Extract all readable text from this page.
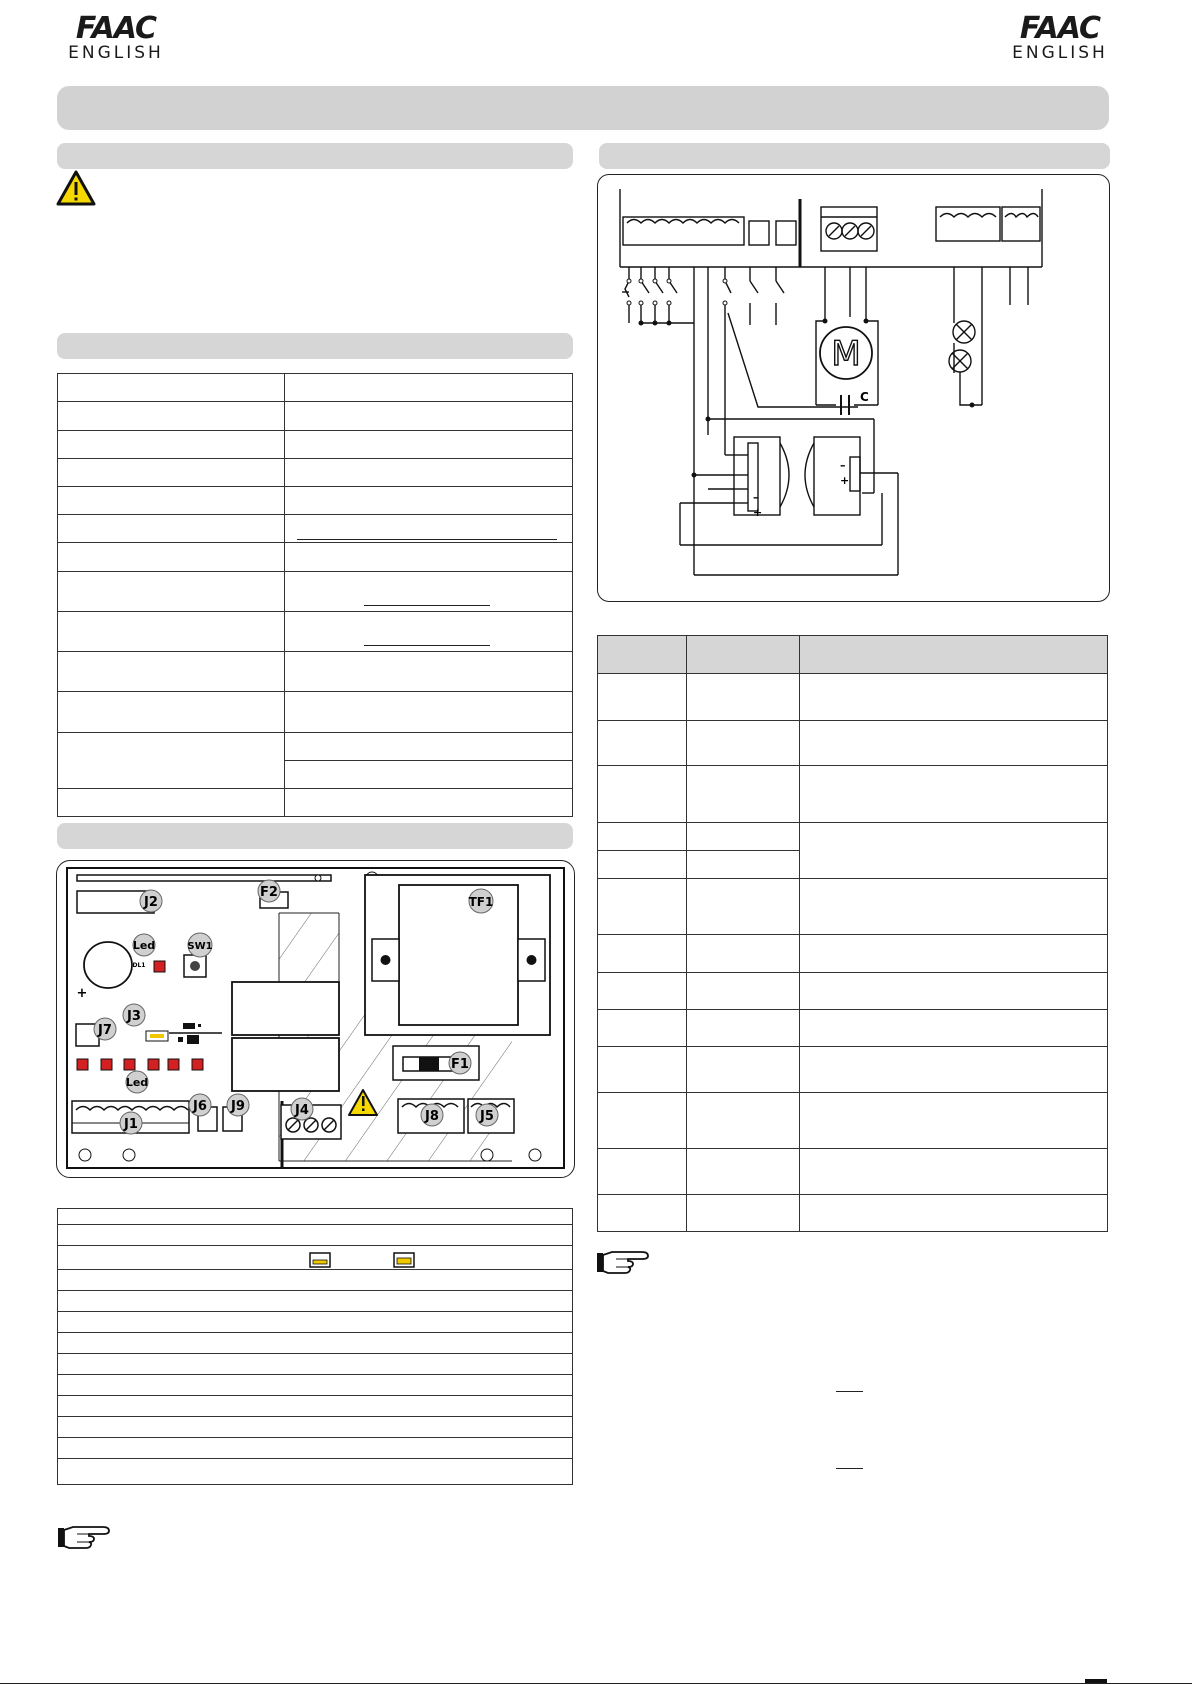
FAAC
ENGLISH
FAAC
ENGLISH

J2
F2
TF1
Led
DL1
SW1
+
J3
J7
Led
F1
J1
J6 J9	J4	J8	J5

M
C
–
+
–
+
